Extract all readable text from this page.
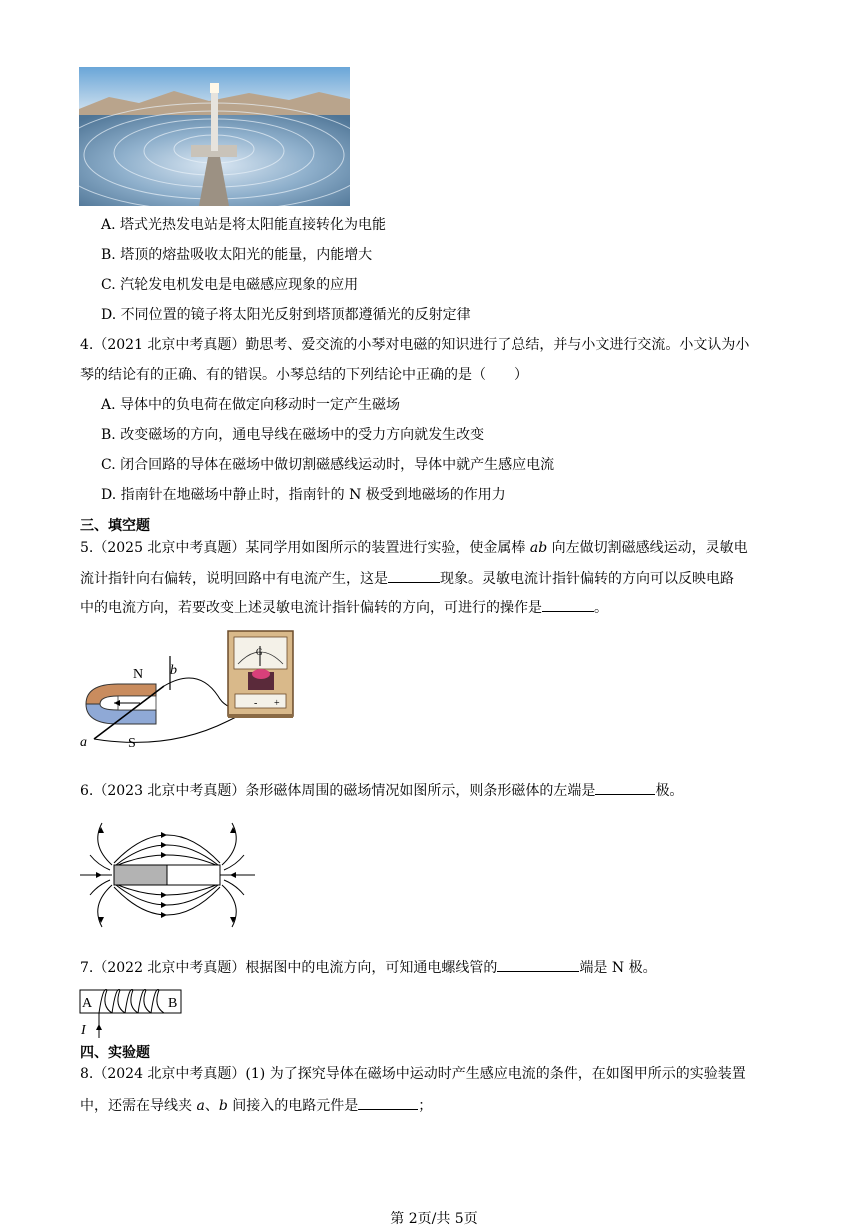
A. 塔式光热发电站是将太阳能直接转化为电能
B. 塔顶的熔盐吸收太阳光的能量，内能增大
C. 汽轮发电机发电是电磁感应现象的应用
D. 不同位置的镜子将太阳光反射到塔顶都遵循光的反射定律
4.（2021 北京中考真题）勤思考、爱交流的小琴对电磁的知识进行了总结，并与小文进行交流。小文认为小
琴的结论有的正确、有的错误。小琴总结的下列结论中正确的是（　　）
A. 导体中的负电荷在做定向移动时一定产生磁场
B. 改变磁场的方向，通电导线在磁场中的受力方向就发生改变
C. 闭合回路的导体在磁场中做切割磁感线运动时，导体中就产生感应电流
D. 指南针在地磁场中静止时，指南针的 N 极受到地磁场的作用力
三、填空题
5.（2025 北京中考真题）某同学用如图所示的装置进行实验，使金属棒 ab 向左做切割磁感线运动，灵敏电
流计指针向右偏转，说明回路中有电流产生，这是	现象。灵敏电流计指针偏转的方向可以反映电路
中的电流方向，若要改变上述灵敏电流计指针偏转的方向，可进行的操作是	。
G
- +
N
S
a
b
6.（2023 北京中考真题）条形磁体周围的磁场情况如图所示，则条形磁体的左端是	极。
7.（2022 北京中考真题）根据图中的电流方向，可知通电螺线管的	端是 N 极。
A	B
I
四、实验题
8.（2024 北京中考真题）(1) 为了探究导体在磁场中运动时产生感应电流的条件，在如图甲所示的实验装置
中，还需在导线夹 a、b 间接入的电路元件是	；
第 2页/共 5页
